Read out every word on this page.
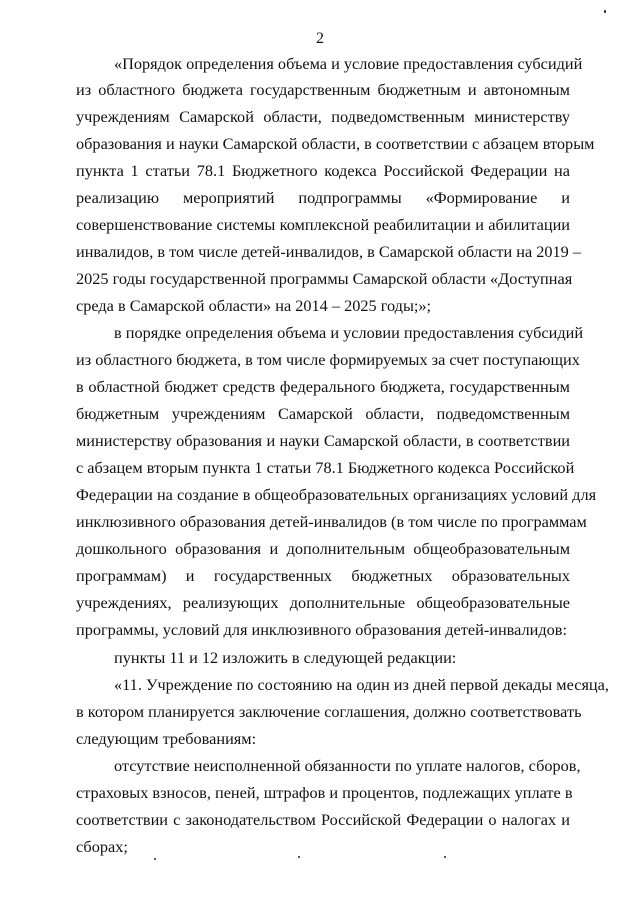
2
«Порядок определения объема и условие предоставления субсидий
из областного бюджета государственным бюджетным и автономным
учреждениям Самарской области, подведомственным министерству
образования и науки Самарской области, в соответствии с абзацем вторым
пункта 1 статьи 78.1 Бюджетного кодекса Российской Федерации на
реализацию мероприятий подпрограммы «Формирование и
совершенствование системы комплексной реабилитации и абилитации
инвалидов, в том числе детей-инвалидов, в Самарской области на 2019 –
2025 годы государственной программы Самарской области «Доступная
среда в Самарской области» на 2014 – 2025 годы;»;
в порядке определения объема и условии предоставления субсидий
из областного бюджета, в том числе формируемых за счет поступающих
в областной бюджет средств федерального бюджета, государственным
бюджетным учреждениям Самарской области, подведомственным
министерству образования и науки Самарской области, в соответствии
с абзацем вторым пункта 1 статьи 78.1 Бюджетного кодекса Российской
Федерации на создание в общеобразовательных организациях условий для
инклюзивного образования детей-инвалидов (в том числе по программам
дошкольного образования и дополнительным общеобразовательным
программам) и государственных бюджетных образовательных
учреждениях, реализующих дополнительные общеобразовательные
программы, условий для инклюзивного образования детей-инвалидов:
пункты 11 и 12 изложить в следующей редакции:
«11. Учреждение по состоянию на один из дней первой декады месяца,
в котором планируется заключение соглашения, должно соответствовать
следующим требованиям:
отсутствие неисполненной обязанности по уплате налогов, сборов,
страховых взносов, пеней, штрафов и процентов, подлежащих уплате в
соответствии с законодательством Российской Федерации о налогах и
сборах;
